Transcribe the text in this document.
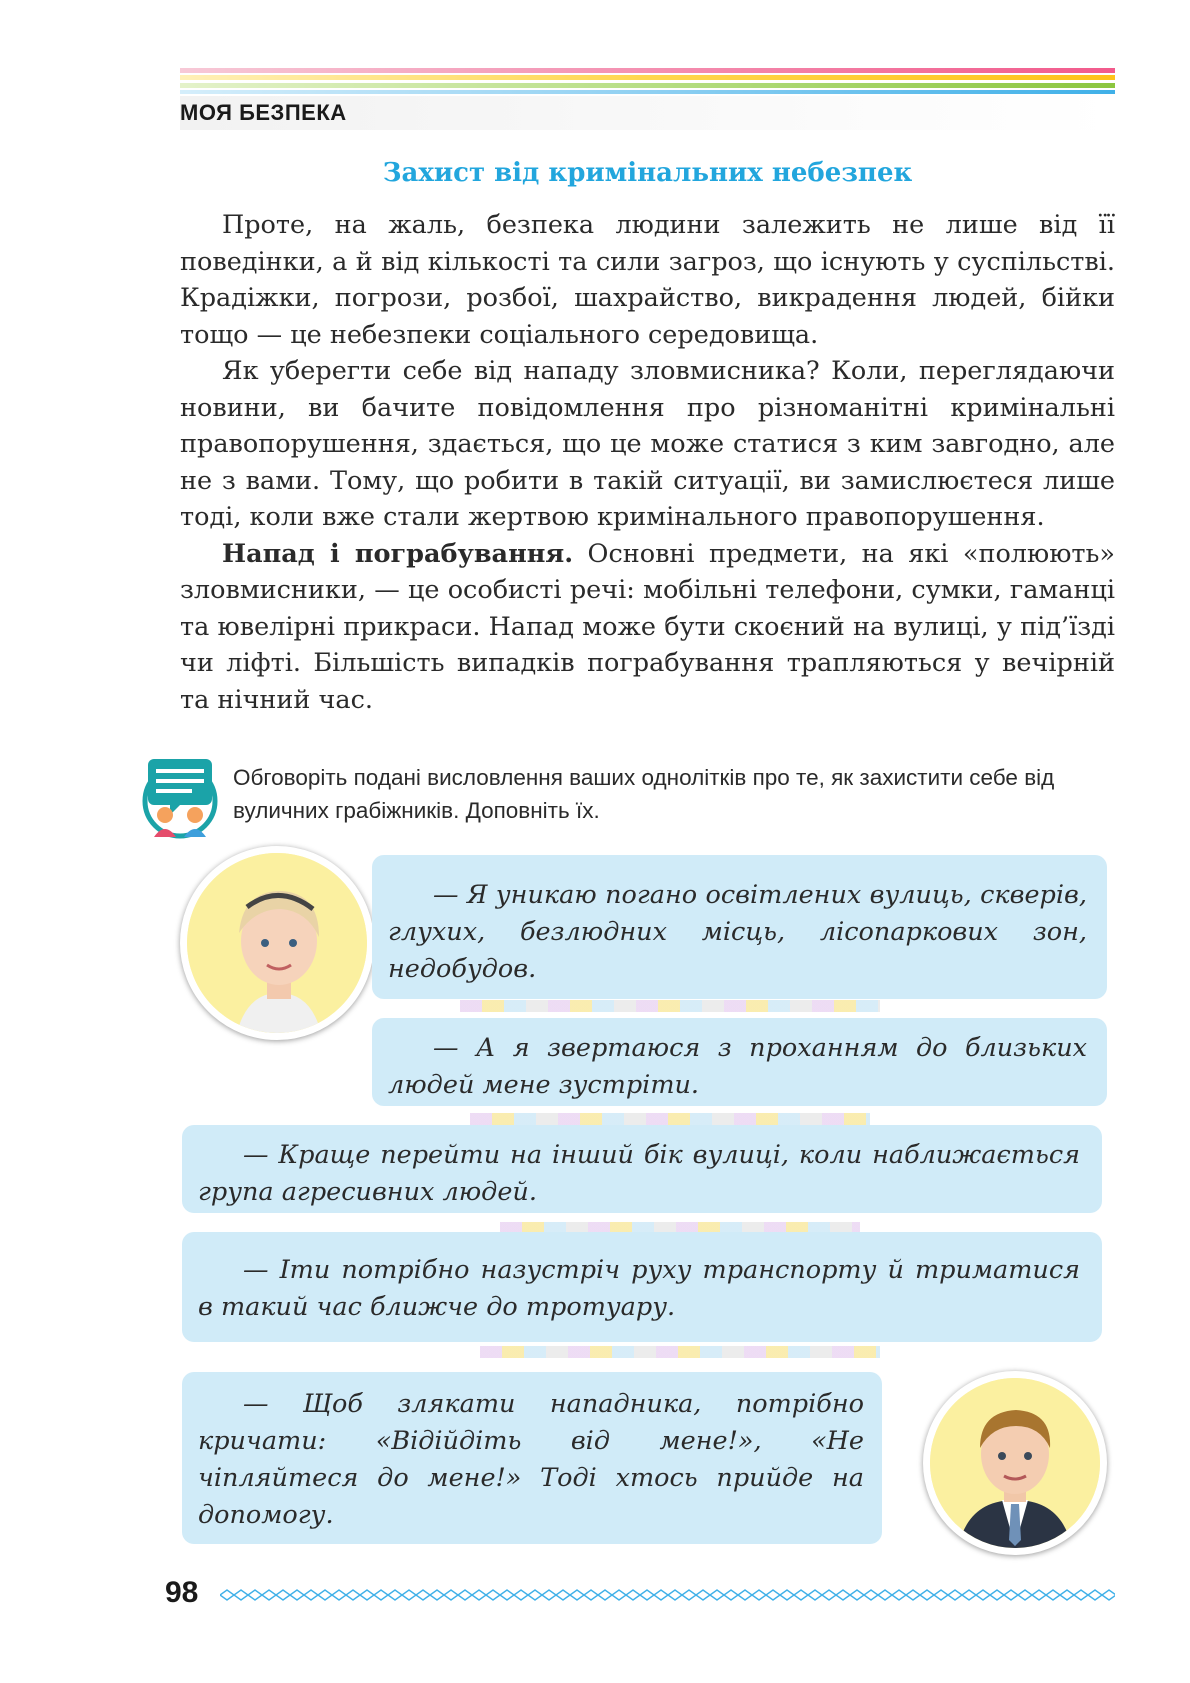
МОЯ БЕЗПЕКА
Захист від кримінальних небезпек

Проте, на жаль, безпека людини залежить не лише від її поведінки, а й від кількості та сили загроз, що існують у суспільстві. Крадіжки, погрози, розбої, шахрайство, викрадення людей, бійки тощо — це небезпеки соціального середовища.

Як уберегти себе від нападу зловмисника? Коли, переглядаючи новини, ви бачите повідомлення про різноманітні кримінальні правопорушення, здається, що це може статися з ким завгодно, але не з вами. Тому, що робити в такій ситуації, ви замислюєтеся лише тоді, коли вже стали жертвою кримінального правопорушення.

Напад і пограбування. Основні предмети, на які «полюють» зловмисники, — це особисті речі: мобільні телефони, сумки, гаманці та ювелірні прикраси. Напад може бути скоєний на вулиці, у під’їзді чи ліфті. Більшість випадків пограбування трапляються у вечірній та нічний час.

Обговоріть подані висловлення ваших однолітків про те, як захистити себе від вуличних грабіжників. Доповніть їх.
— Я уникаю погано освітлених вулиць, скверів, глухих, безлюдних місць, лісопаркових зон, недобудов.
— А я звертаюся з проханням до близьких людей мене зустріти.
— Краще перейти на інший бік вулиці, коли наближається група агресивних людей.
— Іти потрібно назустріч руху транспорту й триматися в такий час ближче до тротуару.
— Щоб злякати нападника, потрібно кричати: «Відійдіть від мене!», «Не чіпляйтеся до мене!» Тоді хтось прийде на допомогу.
98
